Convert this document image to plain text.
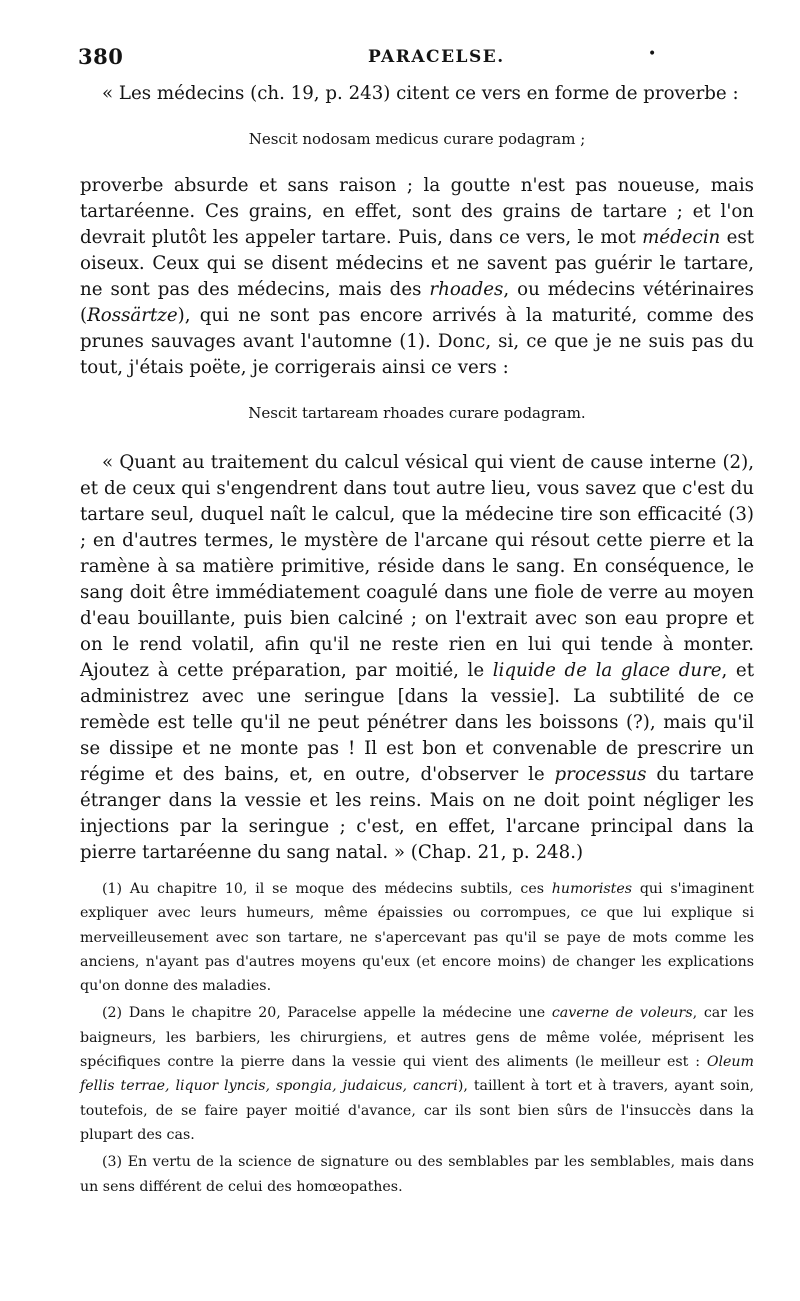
380	PARACELSE.	•

« Les médecins (ch. 19, p. 243) citent ce vers en forme de proverbe :

Nescit nodosam medicus curare podagram ;

proverbe absurde et sans raison ; la goutte n'est pas noueuse, mais tartaréenne. Ces grains, en effet, sont des grains de tartare ; et l'on devrait plutôt les appeler tartare. Puis, dans ce vers, le mot médecin est oiseux. Ceux qui se disent médecins et ne savent pas guérir le tartare, ne sont pas des médecins, mais des rhoades, ou médecins vétérinaires (Rossärtze), qui ne sont pas encore arrivés à la maturité, comme des prunes sauvages avant l'automne (1). Donc, si, ce que je ne suis pas du tout, j'étais poëte, je corrigerais ainsi ce vers :

Nescit tartaream rhoades curare podagram.

« Quant au traitement du calcul vésical qui vient de cause interne (2), et de ceux qui s'engendrent dans tout autre lieu, vous savez que c'est du tartare seul, duquel naît le calcul, que la médecine tire son efficacité (3) ; en d'autres termes, le mystère de l'arcane qui résout cette pierre et la ramène à sa matière primitive, réside dans le sang. En conséquence, le sang doit être immédiatement coagulé dans une fiole de verre au moyen d'eau bouillante, puis bien calciné ; on l'extrait avec son eau propre et on le rend volatil, afin qu'il ne reste rien en lui qui tende à monter. Ajoutez à cette préparation, par moitié, le liquide de la glace dure, et administrez avec une seringue [dans la vessie]. La subtilité de ce remède est telle qu'il ne peut pénétrer dans les boissons (?), mais qu'il se dissipe et ne monte pas ! Il est bon et convenable de prescrire un régime et des bains, et, en outre, d'observer le processus du tartare étranger dans la vessie et les reins. Mais on ne doit point négliger les injections par la seringue ; c'est, en effet, l'arcane principal dans la pierre tartaréenne du sang natal. » (Chap. 21, p. 248.)

(1) Au chapitre 10, il se moque des médecins subtils, ces humoristes qui s'imaginent expliquer avec leurs humeurs, même épaissies ou corrompues, ce que lui explique si merveilleusement avec son tartare, ne s'apercevant pas qu'il se paye de mots comme les anciens, n'ayant pas d'autres moyens qu'eux (et encore moins) de changer les explications qu'on donne des maladies.

(2) Dans le chapitre 20, Paracelse appelle la médecine une caverne de voleurs, car les baigneurs, les barbiers, les chirurgiens, et autres gens de même volée, méprisent les spécifiques contre la pierre dans la vessie qui vient des aliments (le meilleur est : Oleum fellis terrae, liquor lyncis, spongia, judaicus, cancri), taillent à tort et à travers, ayant soin, toutefois, de se faire payer moitié d'avance, car ils sont bien sûrs de l'insuccès dans la plupart des cas.

(3) En vertu de la science de signature ou des semblables par les semblables, mais dans un sens différent de celui des homœopathes.
